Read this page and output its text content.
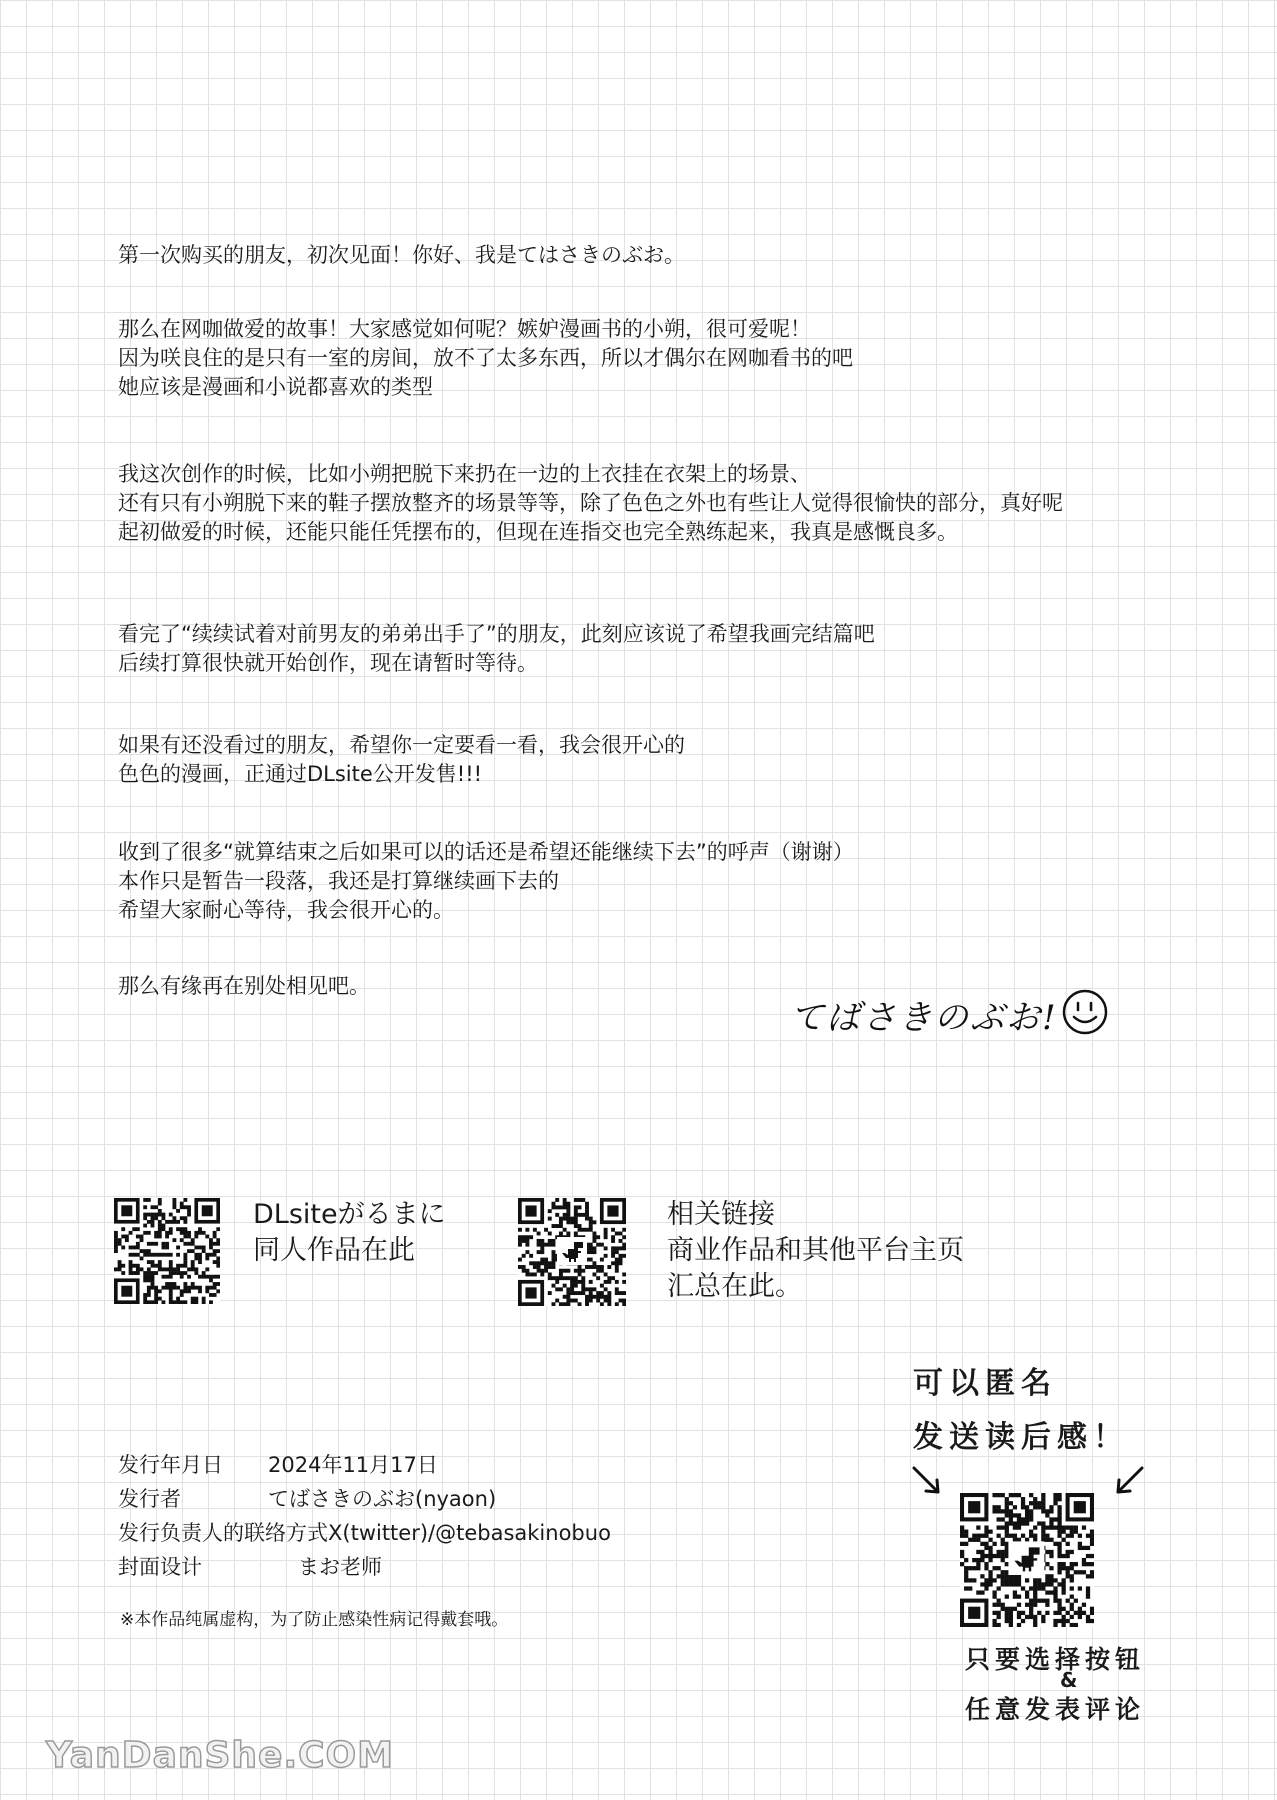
第一次购买的朋友，初次见面！你好、我是てはさきのぶお。

那么在网咖做爱的故事！大家感觉如何呢？嫉妒漫画书的小朔，很可爱呢！

因为咲良住的是只有一室的房间，放不了太多东西，所以才偶尔在网咖看书的吧

她应该是漫画和小说都喜欢的类型

我这次创作的时候，比如小朔把脱下来扔在一边的上衣挂在衣架上的场景、

还有只有小朔脱下来的鞋子摆放整齐的场景等等，除了色色之外也有些让人觉得很愉快的部分，真好呢

起初做爱的时候，还能只能任凭摆布的，但现在连指交也完全熟练起来，我真是感慨良多。

看完了“续续试着对前男友的弟弟出手了”的朋友，此刻应该说了希望我画完结篇吧

后续打算很快就开始创作，现在请暂时等待。

如果有还没看过的朋友，希望你一定要看一看，我会很开心的

色色的漫画，正通过DLsite公开发售!!!

收到了很多“就算结束之后如果可以的话还是希望还能继续下去”的呼声（谢谢）

本作只是暂告一段落，我还是打算继续画下去的

希望大家耐心等待，我会很开心的。

那么有缘再在别处相见吧。

てばさきのぶお!
DLsiteがるまに
同人作品在此
相关链接
商业作品和其他平台主页
汇总在此。
可以匿名
发送读后感！
只要选择按钮
&
任意发表评论
发行年月日 2024年11月17日
发行者	てばさきのぶお(nyaon)
发行负责人的联络方式X(twitter)/@tebasakinobuo
封面设计	まお老师
※本作品纯属虚构，为了防止感染性病记得戴套哦。
YanDanShe.COM
